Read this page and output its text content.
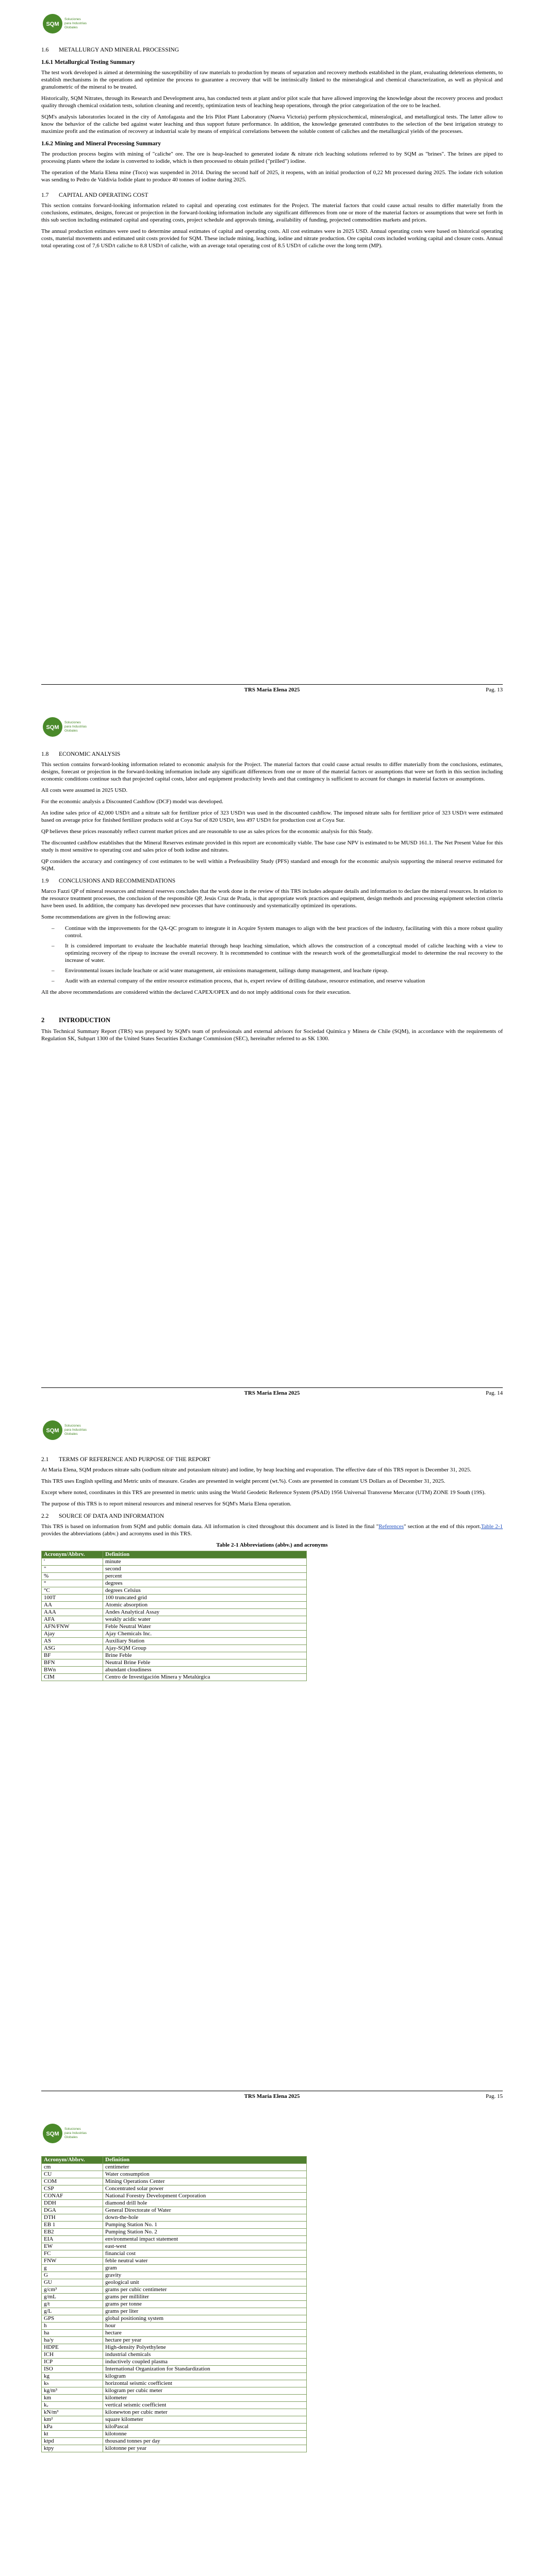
SQM
Soluciones
para Industrias
Globales
1.6 METALLURGY AND MINERAL PROCESSING
1.6.1 Metallurgical Testing Summary

The test work developed is aimed at determining the susceptibility of raw materials to production by means of separation and recovery methods established in the plant, evaluating deleterious elements, to establish mechanisms in the operations and optimize the process to guarantee a recovery that will be intrinsically linked to the mineralogical and chemical characterization, as well as physical and granulometric of the mineral to be treated.

Historically, SQM Nitrates, through its Research and Development area, has conducted tests at plant and/or pilot scale that have allowed improving the knowledge about the recovery process and product quality through chemical oxidation tests, solution cleaning and recently, optimization tests of leaching heap operations, through the prior categorization of the ore to be leached.

SQM's analysis laboratories located in the city of Antofagasta and the Iris Pilot Plant Laboratory (Nueva Victoria) perform physicochemical, mineralogical, and metallurgical tests. The latter allow to know the behavior of the caliche bed against water leaching and thus support future performance. In addition, the knowledge generated contributes to the selection of the best irrigation strategy to maximize profit and the estimation of recovery at industrial scale by means of empirical correlations between the soluble content of caliches and the metallurgical yields of the processes.

1.6.2 Mining and Mineral Processing Summary

The production process begins with mining of "caliche" ore. The ore is heap-leached to generated iodate & nitrate rich leaching solutions referred to by SQM as "brines". The brines are piped to processing plants where the iodate is converted to iodide, which is then processed to obtain prilled ("prilled") iodine.

The operation of the Maria Elena mine (Toco) was suspended in 2014. During the second half of 2025, it reopens, with an initial production of 0,22 Mt processed during 2025. The iodate rich solution was sending to Pedro de Valdivia Iodide plant to produce 40 tonnes of iodine during 2025.

1.7 CAPITAL AND OPERATING COST

This section contains forward-looking information related to capital and operating cost estimates for the Project. The material factors that could cause actual results to differ materially from the conclusions, estimates, designs, forecast or projection in the forward-looking information include any significant differences from one or more of the material factors or assumptions that were set forth in this sub section including estimated capital and operating costs, project schedule and approvals timing, availability of funding, projected commodities markets and prices.

The annual production estimates were used to determine annual estimates of capital and operating costs. All cost estimates were in 2025 USD. Annual operating costs were based on historical operating costs, material movements and estimated unit costs provided for SQM. These include mining, leaching, iodine and nitrate production. Ore capital costs included working capital and closure costs. Annual total operating cost of 7,6 USD/t caliche to 8.8 USD/t of caliche, with an average total operating cost of 8.5 USD/t of caliche over the long term (MP).

TRS Maria Elena 2025	Pag. 13
SQM
Soluciones
para Industrias
Globales
1.8 ECONOMIC ANALYSIS

This section contains forward-looking information related to economic analysis for the Project. The material factors that could cause actual results to differ materially from the conclusions, estimates, designs, forecast or projection in the forward-looking information include any significant differences from one or more of the material factors or assumptions that were set forth in this section including economic conditions continue such that projected capital costs, labor and equipment productivity levels and that contingency is sufficient to account for changes in material factors or assumptions.

All costs were assumed in 2025 USD.

For the economic analysis a Discounted Cashflow (DCF) model was developed.

An iodine sales price of 42,000 USD/t and a nitrate salt for fertilizer price of 323 USD/t was used in the discounted cashflow. The imposed nitrate salts for fertilizer price of 323 USD/t were estimated based on average price for finished fertilizer products sold at Coya Sur of 820 USD/t, less 497 USD/t for production cost at Coya Sur.

QP believes these prices reasonably reflect current market prices and are reasonable to use as sales prices for the economic analysis for this Study.

The discounted cashflow establishes that the Mineral Reserves estimate provided in this report are economically viable. The base case NPV is estimated to be MUSD 161.1. The Net Present Value for this study is most sensitive to operating cost and sales price of both iodine and nitrates.

QP considers the accuracy and contingency of cost estimates to be well within a Prefeasibility Study (PFS) standard and enough for the economic analysis supporting the mineral reserve estimated for SQM.

1.9 CONCLUSIONS AND RECOMMENDATIONS

Marco Fazzi QP of mineral resources and mineral reserves concludes that the work done in the review of this TRS includes adequate details and information to declare the mineral resources. In relation to the resource treatment processes, the conclusion of the responsible QP, Jesús Cruz de Prada, is that appropriate work practices and equipment, design methods and processing equipment selection criteria have been used. In addition, the company has developed new processes that have continuously and systematically optimized its operations.

Some recommendations are given in the following areas:

– Continue with the improvements for the QA-QC program to integrate it in Acquire System manages to align with the best practices of the industry, facilitating with this a more robust quality control.
– It is considered important to evaluate the leachable material through heap leaching simulation, which allows the construction of a conceptual model of caliche leaching with a view to optimizing recovery of the ripeap to increase the overall recovery. It is recommended to continue with the research work of the geometallurgical model to determine the real recovery to the increase of water.
– Environmental issues include leachate or acid water management, air emissions management, tailings dump management, and leachate ripeap.
– Audit with an external company of the entire resource estimation process, that is, expert review of drilling database, resource estimation, and reserve valuation

All the above recommendations are considered within the declared CAPEX/OPEX and do not imply additional costs for their execution.

2 INTRODUCTION

This Technical Summary Report (TRS) was prepared by SQM's team of professionals and external advisors for Sociedad Química y Minera de Chile (SQM), in accordance with the requirements of Regulation SK, Subpart 1300 of the United States Securities Exchange Commission (SEC), hereinafter referred to as SK 1300.

TRS Maria Elena 2025	Pag. 14
SQM
Soluciones
para Industrias
Globales
2.1 TERMS OF REFERENCE AND PURPOSE OF THE REPORT

At Maria Elena, SQM produces nitrate salts (sodium nitrate and potassium nitrate) and iodine, by heap leaching and evaporation. The effective date of this TRS report is December 31, 2025.

This TRS uses English spelling and Metric units of measure. Grades are presented in weight percent (wt.%). Costs are presented in constant US Dollars as of December 31, 2025.

Except where noted, coordinates in this TRS are presented in metric units using the World Geodetic Reference System (PSAD) 1956 Universal Transverse Mercator (UTM) ZONE 19 South (19S).

The purpose of this TRS is to report mineral resources and mineral reserves for SQM's Maria Elena operation.

2.2 SOURCE OF DATA AND INFORMATION

This TRS is based on information from SQM and public domain data. All information is cited throughout this document and is listed in the final "References" section at the end of this report.Table 2-1 provides the abbreviations (abbv.) and acronyms used in this TRS.

Table 2-1 Abbreviations (abbv.) and acronyms
Acronym/Abbrv.	Definition
'	minute
"	second
%	percent
°	degrees
°C	degrees Celsius
100T	100 truncated grid
AA	Atomic absorption
AAA	Andes Analytical Assay
AFA	weakly acidic water
AFN/FNW	Feble Neutral Water
Ajay	Ajay Chemicals Inc.
AS	Auxiliary Station
ASG	Ajay-SQM Group
BF	Brine Feble
BFN	Neutral Brine Feble
BWn	abundant cloudiness
CIM	Centro de Investigación Minera y Metalúrgica
TRS Maria Elena 2025	Pag. 15
SQM
Soluciones
para Industrias
Globales
Acronym/Abbrv.	Definition
cm	centimeter
CU	Water consumption
COM	Mining Operations Center
CSP	Concentrated solar power
CONAF	National Forestry Development Corporation
DDH	diamond drill hole
DGA	General Directorate of Water
DTH	down-the-hole
EB 1	Pumping Station No. 1
EB2	Pumping Station No. 2
EIA	environmental impact statement
EW	east-west
FC	financial cost
FNW	feble neutral water
g	gram
G	gravity
GU	geological unit
g/cm³	grams per cubic centimeter
g/mL	grams per milliliter
g/t	grams per tonne
g/L	grams per liter
GPS	global positioning system
h	hour
ha	hectare
ha/y	hectare per year
HDPE	High-density Polyethylene
ICH	industrial chemicals
ICP	inductively coupled plasma
ISO	International Organization for Standardization
kg	kilogram
kₕ	horizontal seismic coefficient
kg/m³	kilogram per cubic meter
km	kilometer
kᵥ	vertical seismic coefficient
kN/m³	kilonewton per cubic meter
km²	square kilometer
kPa	kiloPascal
kt	kilotonne
ktpd	thousand tonnes per day
ktpy	kilotonne per year
